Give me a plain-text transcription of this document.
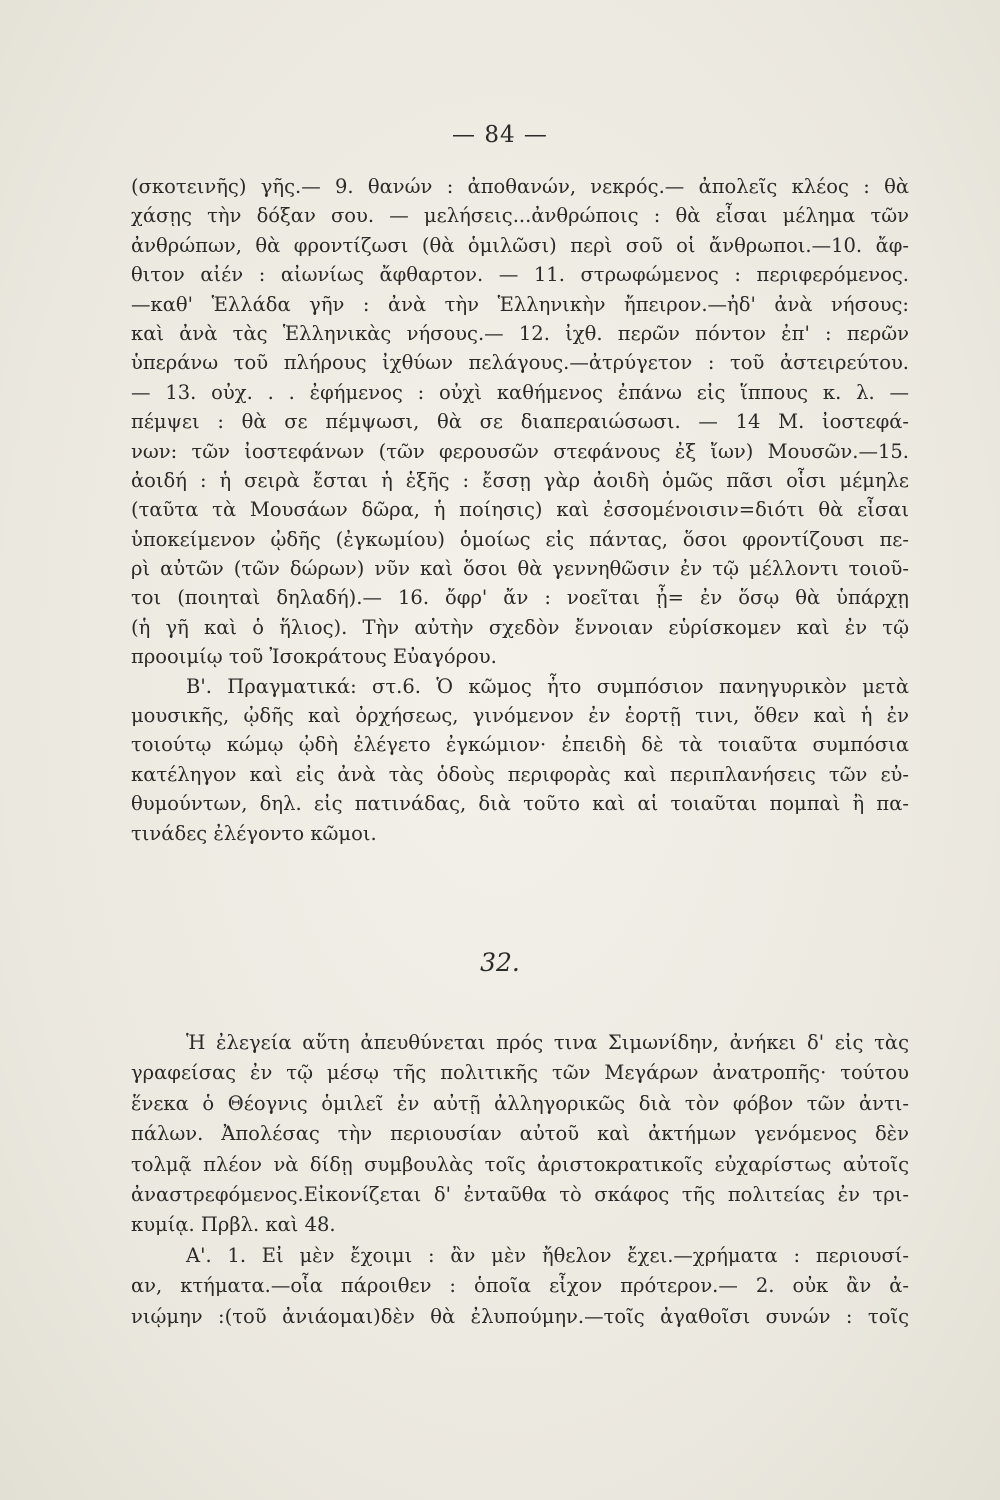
— 84 —
(σκοτεινῆς) γῆς.— 9. θανών : ἀποθανών, νεκρός.— ἀπολεῖς κλέος : θὰ
χάσῃς τὴν δόξαν σου. — μελήσεις...ἀνθρώποις : θὰ εἶσαι μέλημα τῶν
ἀνθρώπων, θὰ φροντίζωσι (θὰ ὁμιλῶσι) περὶ σοῦ οἱ ἄνθρωποι.—10. ἄφ-
θιτον αἰέν : αἰωνίως ἄφθαρτον. — 11. στρωφώμενος : περιφερόμενος.
—καθ' Ἑλλάδα γῆν : ἀνὰ τὴν Ἑλληνικὴν ἤπειρον.—ἠδ' ἀνὰ νήσους:
καὶ ἀνὰ τὰς Ἑλληνικὰς νήσους.— 12. ἰχθ. περῶν πόντον ἐπ' : περῶν
ὑπεράνω τοῦ πλήρους ἰχθύων πελάγους.—ἀτρύγετον : τοῦ ἀστειρεύτου.
— 13. οὐχ. . . ἐφήμενος : οὐχὶ καθήμενος ἐπάνω εἰς ἵππους κ. λ. —
πέμψει : θὰ σε πέμψωσι, θὰ σε διαπεραιώσωσι. — 14 Μ. ἰοστεφά-
νων: τῶν ἰοστεφάνων (τῶν φερουσῶν στεφάνους ἐξ ἴων) Μουσῶν.—15.
ἀοιδή : ἡ σειρὰ ἔσται ἡ ἑξῆς : ἔσσῃ γὰρ ἀοιδὴ ὁμῶς πᾶσι οἷσι μέμηλε
(ταῦτα τὰ Μουσάων δῶρα, ἡ ποίησις) καὶ ἐσσομένοισιν=διότι θὰ εἶσαι
ὑποκείμενον ᾠδῆς (ἐγκωμίου) ὁμοίως εἰς πάντας, ὅσοι φροντίζουσι πε-
ρὶ αὐτῶν (τῶν δώρων) νῦν καὶ ὅσοι θὰ γεννηθῶσιν ἐν τῷ μέλλοντι τοιοῦ-
τοι (ποιηταὶ δηλαδή).— 16. ὄφρ' ἄν : νοεῖται ᾖ= ἐν ὅσῳ θὰ ὑπάρχῃ
(ἡ γῆ καὶ ὁ ἥλιος). Τὴν αὐτὴν σχεδὸν ἔννοιαν εὑρίσκομεν καὶ ἐν τῷ
προοιμίῳ τοῦ Ἰσοκράτους Εὐαγόρου.
Β'. Πραγματικά: στ.6. Ὁ κῶμος ἦτο συμπόσιον πανηγυρικὸν μετὰ
μουσικῆς, ᾠδῆς καὶ ὀρχήσεως, γινόμενον ἐν ἑορτῇ τινι, ὅθεν καὶ ἡ ἐν
τοιούτῳ κώμῳ ᾠδὴ ἐλέγετο ἐγκώμιον· ἐπειδὴ δὲ τὰ τοιαῦτα συμπόσια
κατέληγον καὶ εἰς ἀνὰ τὰς ὁδοὺς περιφορὰς καὶ περιπλανήσεις τῶν εὐ-
θυμούντων, δηλ. εἰς πατινάδας, διὰ τοῦτο καὶ αἱ τοιαῦται πομπαὶ ἢ πα-
τινάδες ἐλέγοντο κῶμοι.
32.
Ἡ ἐλεγεία αὕτη ἀπευθύνεται πρός τινα Σιμωνίδην, ἀνήκει δ' εἰς τὰς
γραφείσας ἐν τῷ μέσῳ τῆς πολιτικῆς τῶν Μεγάρων ἀνατροπῆς· τούτου
ἕνεκα ὁ Θέογνις ὁμιλεῖ ἐν αὐτῇ ἀλληγορικῶς διὰ τὸν φόβον τῶν ἀντι-
πάλων. Ἀπολέσας τὴν περιουσίαν αὐτοῦ καὶ ἀκτήμων γενόμενος δὲν
τολμᾷ πλέον νὰ δίδῃ συμβουλὰς τοῖς ἀριστοκρατικοῖς εὐχαρίστως αὐτοῖς
ἀναστρεφόμενος.Εἰκονίζεται δ' ἐνταῦθα τὸ σκάφος τῆς πολιτείας ἐν τρι-
κυμίᾳ. Πρβλ. καὶ 48.
Α'. 1. Εἰ μὲν ἔχοιμι : ἂν μὲν ἤθελον ἔχει.—χρήματα : περιουσί-
αν, κτήματα.—οἷα πάροιθεν : ὁποῖα εἶχον πρότερον.— 2. οὐκ ἂν ἀ-
νιῴμην :(τοῦ ἀνιάομαι)δὲν θὰ ἐλυπούμην.—τοῖς ἀγαθοῖσι συνών : τοῖς
